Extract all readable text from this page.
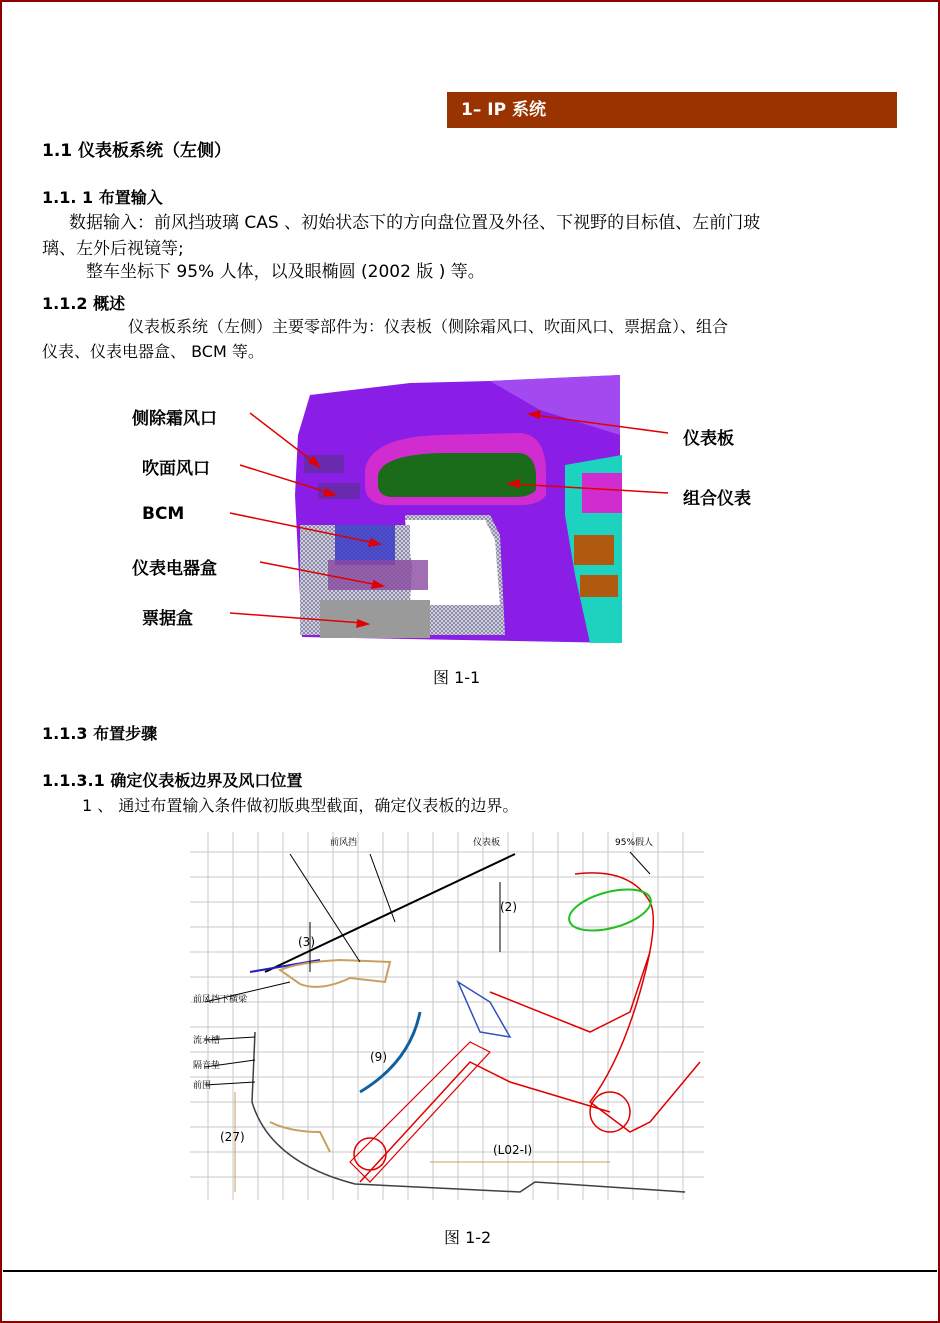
1– IP 系统
1.1 仪表板系统（左侧）
1.1. 1 布置输入
数据输入：前风挡玻璃 CAS 、初始状态下的方向盘位置及外径、下视野的目标值、左前门玻
璃、左外后视镜等;
整车坐标下 95% 人体，以及眼椭圆 (2002 版 ) 等。
1.1.2 概述
仪表板系统（左侧）主要零部件为：仪表板（侧除霜风口、吹面风口、票据盒）、组合
仪表、仪表电器盒、 BCM 等。
侧除霜风口
吹面风口
BCM
仪表电器盒
票据盒
仪表板
组合仪表
图 1-1
1.1.3 布置步骤
1.1.3.1 确定仪表板边界及风口位置
1 、 通过布置输入条件做初版典型截面，确定仪表板的边界。
仪表板
前风挡	95%假人
前风挡下横梁
流水槽
隔音垫
前围
(2)
(3)
(9)
(27)
(L02-I)
图 1-2
